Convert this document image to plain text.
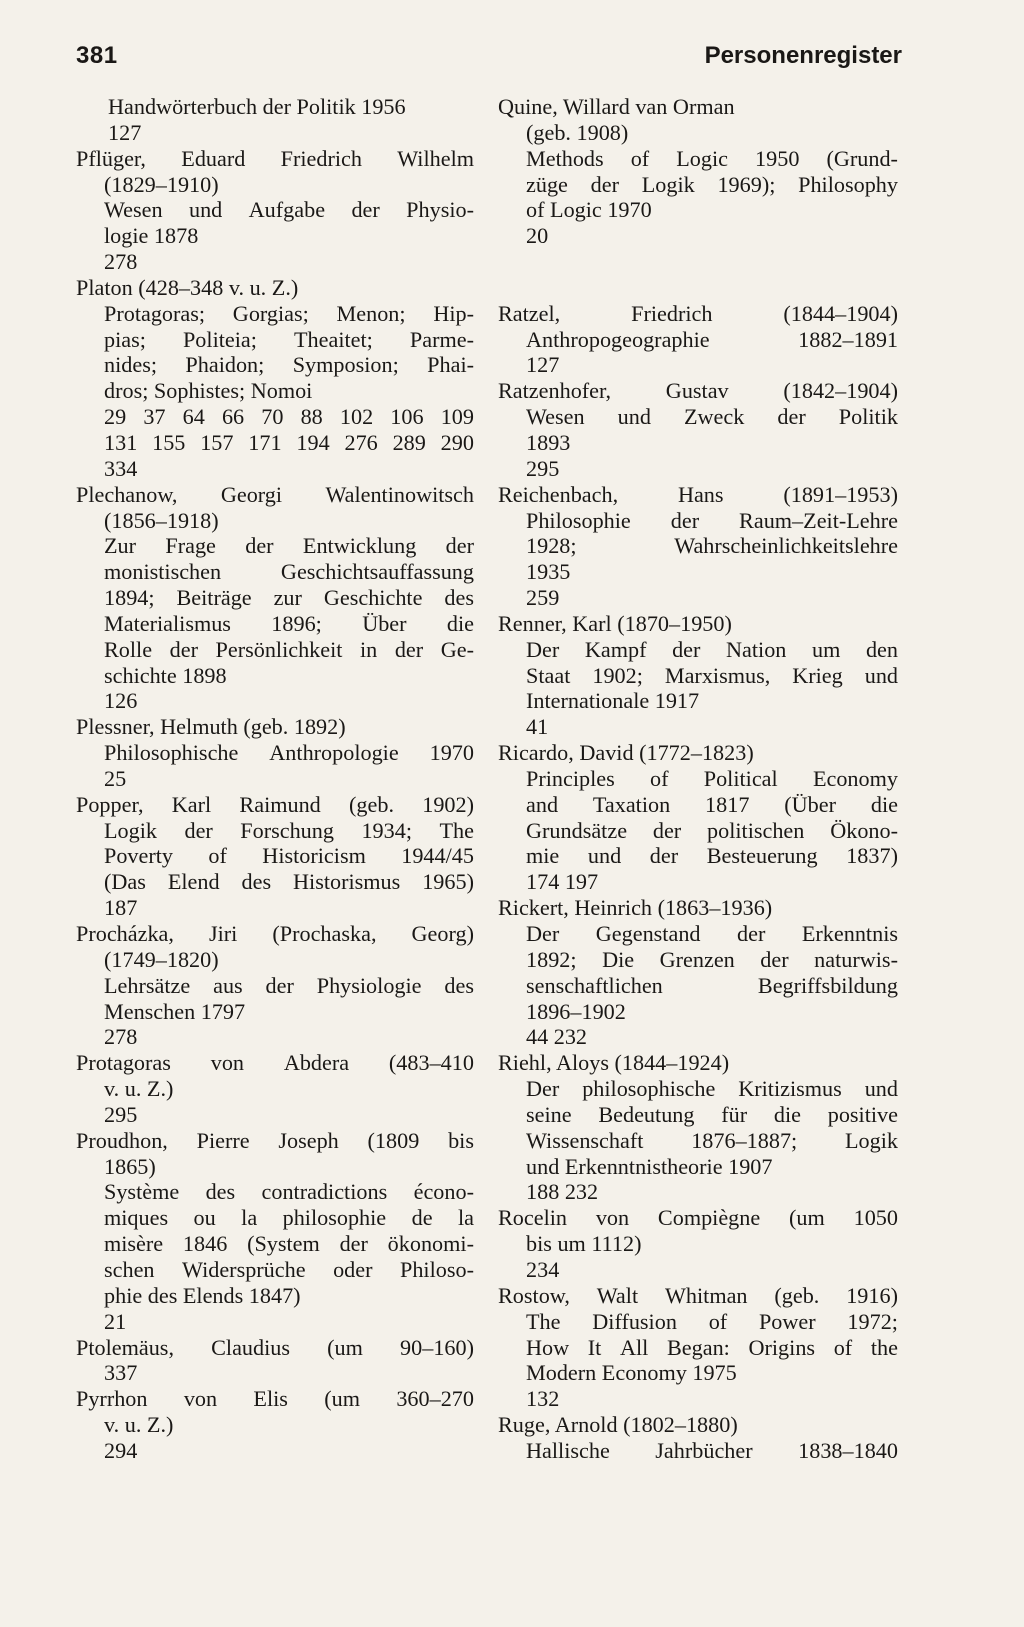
381	Personenregister
Handwörterbuch der Politik 1956
127
Pflüger, Eduard Friedrich Wilhelm
(1829–1910)
Wesen und Aufgabe der Physio-
logie 1878
278
Platon (428–348 v. u. Z.)
Protagoras; Gorgias; Menon; Hip-
pias; Politeia; Theaitet; Parme-
nides; Phaidon; Symposion; Phai-
dros; Sophistes; Nomoi
29 37 64 66 70 88 102 106 109
131 155 157 171 194 276 289 290
334
Plechanow, Georgi Walentinowitsch
(1856–1918)
Zur Frage der Entwicklung der
monistischen	Geschichtsauffassung
1894; Beiträge zur Geschichte des
Materialismus 1896; Über die
Rolle der Persönlichkeit in der Ge-
schichte 1898
126
Plessner, Helmuth (geb. 1892)
Philosophische Anthropologie 1970
25
Popper, Karl Raimund (geb. 1902)
Logik der Forschung 1934; The
Poverty of Historicism 1944/45
(Das Elend des Historismus 1965)
187
Procházka, Jiri (Prochaska, Georg)
(1749–1820)
Lehrsätze aus der Physiologie des
Menschen 1797
278
Protagoras von Abdera (483–410
v. u. Z.)
295
Proudhon, Pierre Joseph (1809 bis
1865)
Système des contradictions écono-
miques ou la philosophie de la
misère 1846 (System der ökonomi-
schen Widersprüche oder Philoso-
phie des Elends 1847)
21
Ptolemäus, Claudius (um 90–160)
337
Pyrrhon von Elis (um 360–270
v. u. Z.)
294
Quine, Willard van Orman
(geb. 1908)
Methods of Logic 1950 (Grund-
züge der Logik 1969); Philosophy
of Logic 1970
20
Ratzel,	Friedrich	(1844–1904)
Anthropogeographie	1882–1891
127
Ratzenhofer, Gustav (1842–1904)
Wesen und Zweck der Politik
1893
295
Reichenbach,	Hans	(1891–1953)
Philosophie der Raum–Zeit-Lehre
1928;	Wahrscheinlichkeitslehre
1935
259
Renner, Karl (1870–1950)
Der Kampf der Nation um den
Staat 1902; Marxismus, Krieg und
Internationale 1917
41
Ricardo, David (1772–1823)
Principles of Political Economy
and Taxation 1817 (Über die
Grundsätze der politischen Ökono-
mie und der Besteuerung 1837)
174 197
Rickert, Heinrich (1863–1936)
Der Gegenstand der Erkenntnis
1892; Die Grenzen der naturwis-
senschaftlichen	Begriffsbildung
1896–1902
44 232
Riehl, Aloys (1844–1924)
Der philosophische Kritizismus und
seine Bedeutung für die positive
Wissenschaft 1876–1887; Logik
und Erkenntnistheorie 1907
188 232
Rocelin von Compiègne (um 1050
bis um 1112)
234
Rostow, Walt Whitman (geb. 1916)
The Diffusion of Power 1972;
How It All Began: Origins of the
Modern Economy 1975
132
Ruge, Arnold (1802–1880)
Hallische Jahrbücher 1838–1840
